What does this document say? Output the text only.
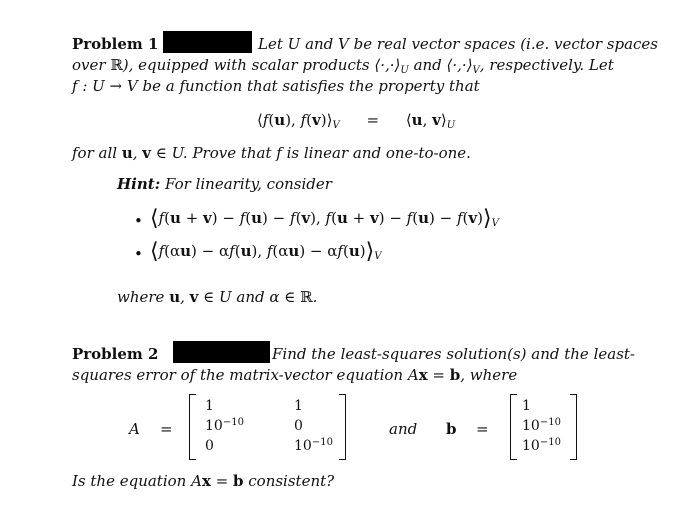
Problem 1	Let U and V be real vector spaces (i.e. vector spaces
over ℝ), equipped with scalar products $⟨\cdot,\cdot⟩_U$ and $⟨\cdot,\cdot⟩_V$, respectively. Let
f : U → V be a function that satisfies the property that
⟨f(u), $f(v)⟩_V$ = ⟨u, $v⟩_U$
for all u, v ∈ U. Prove that f is linear and one-to-one.
Hint: For linearity, consider
• ⟨f(u + v) − f(u) − f(v), $f(u + v) - f(u) - f(v)⟩_V$
• ⟨f(αu) − αf(u), $f(\alpha u) - \alpha f(u)⟩_V$
where u, v ∈ U and α ∈ ℝ.
Problem 2	Find the least-squares solution(s) and the least-
squares error of the matrix-vector equation Ax = b, where
A =
1	1
$10^{-10}$	0
0	$10^{-10}$
and b =
1
$10^{-10}$
$10^{-10}$
Is the equation Ax = b consistent?
